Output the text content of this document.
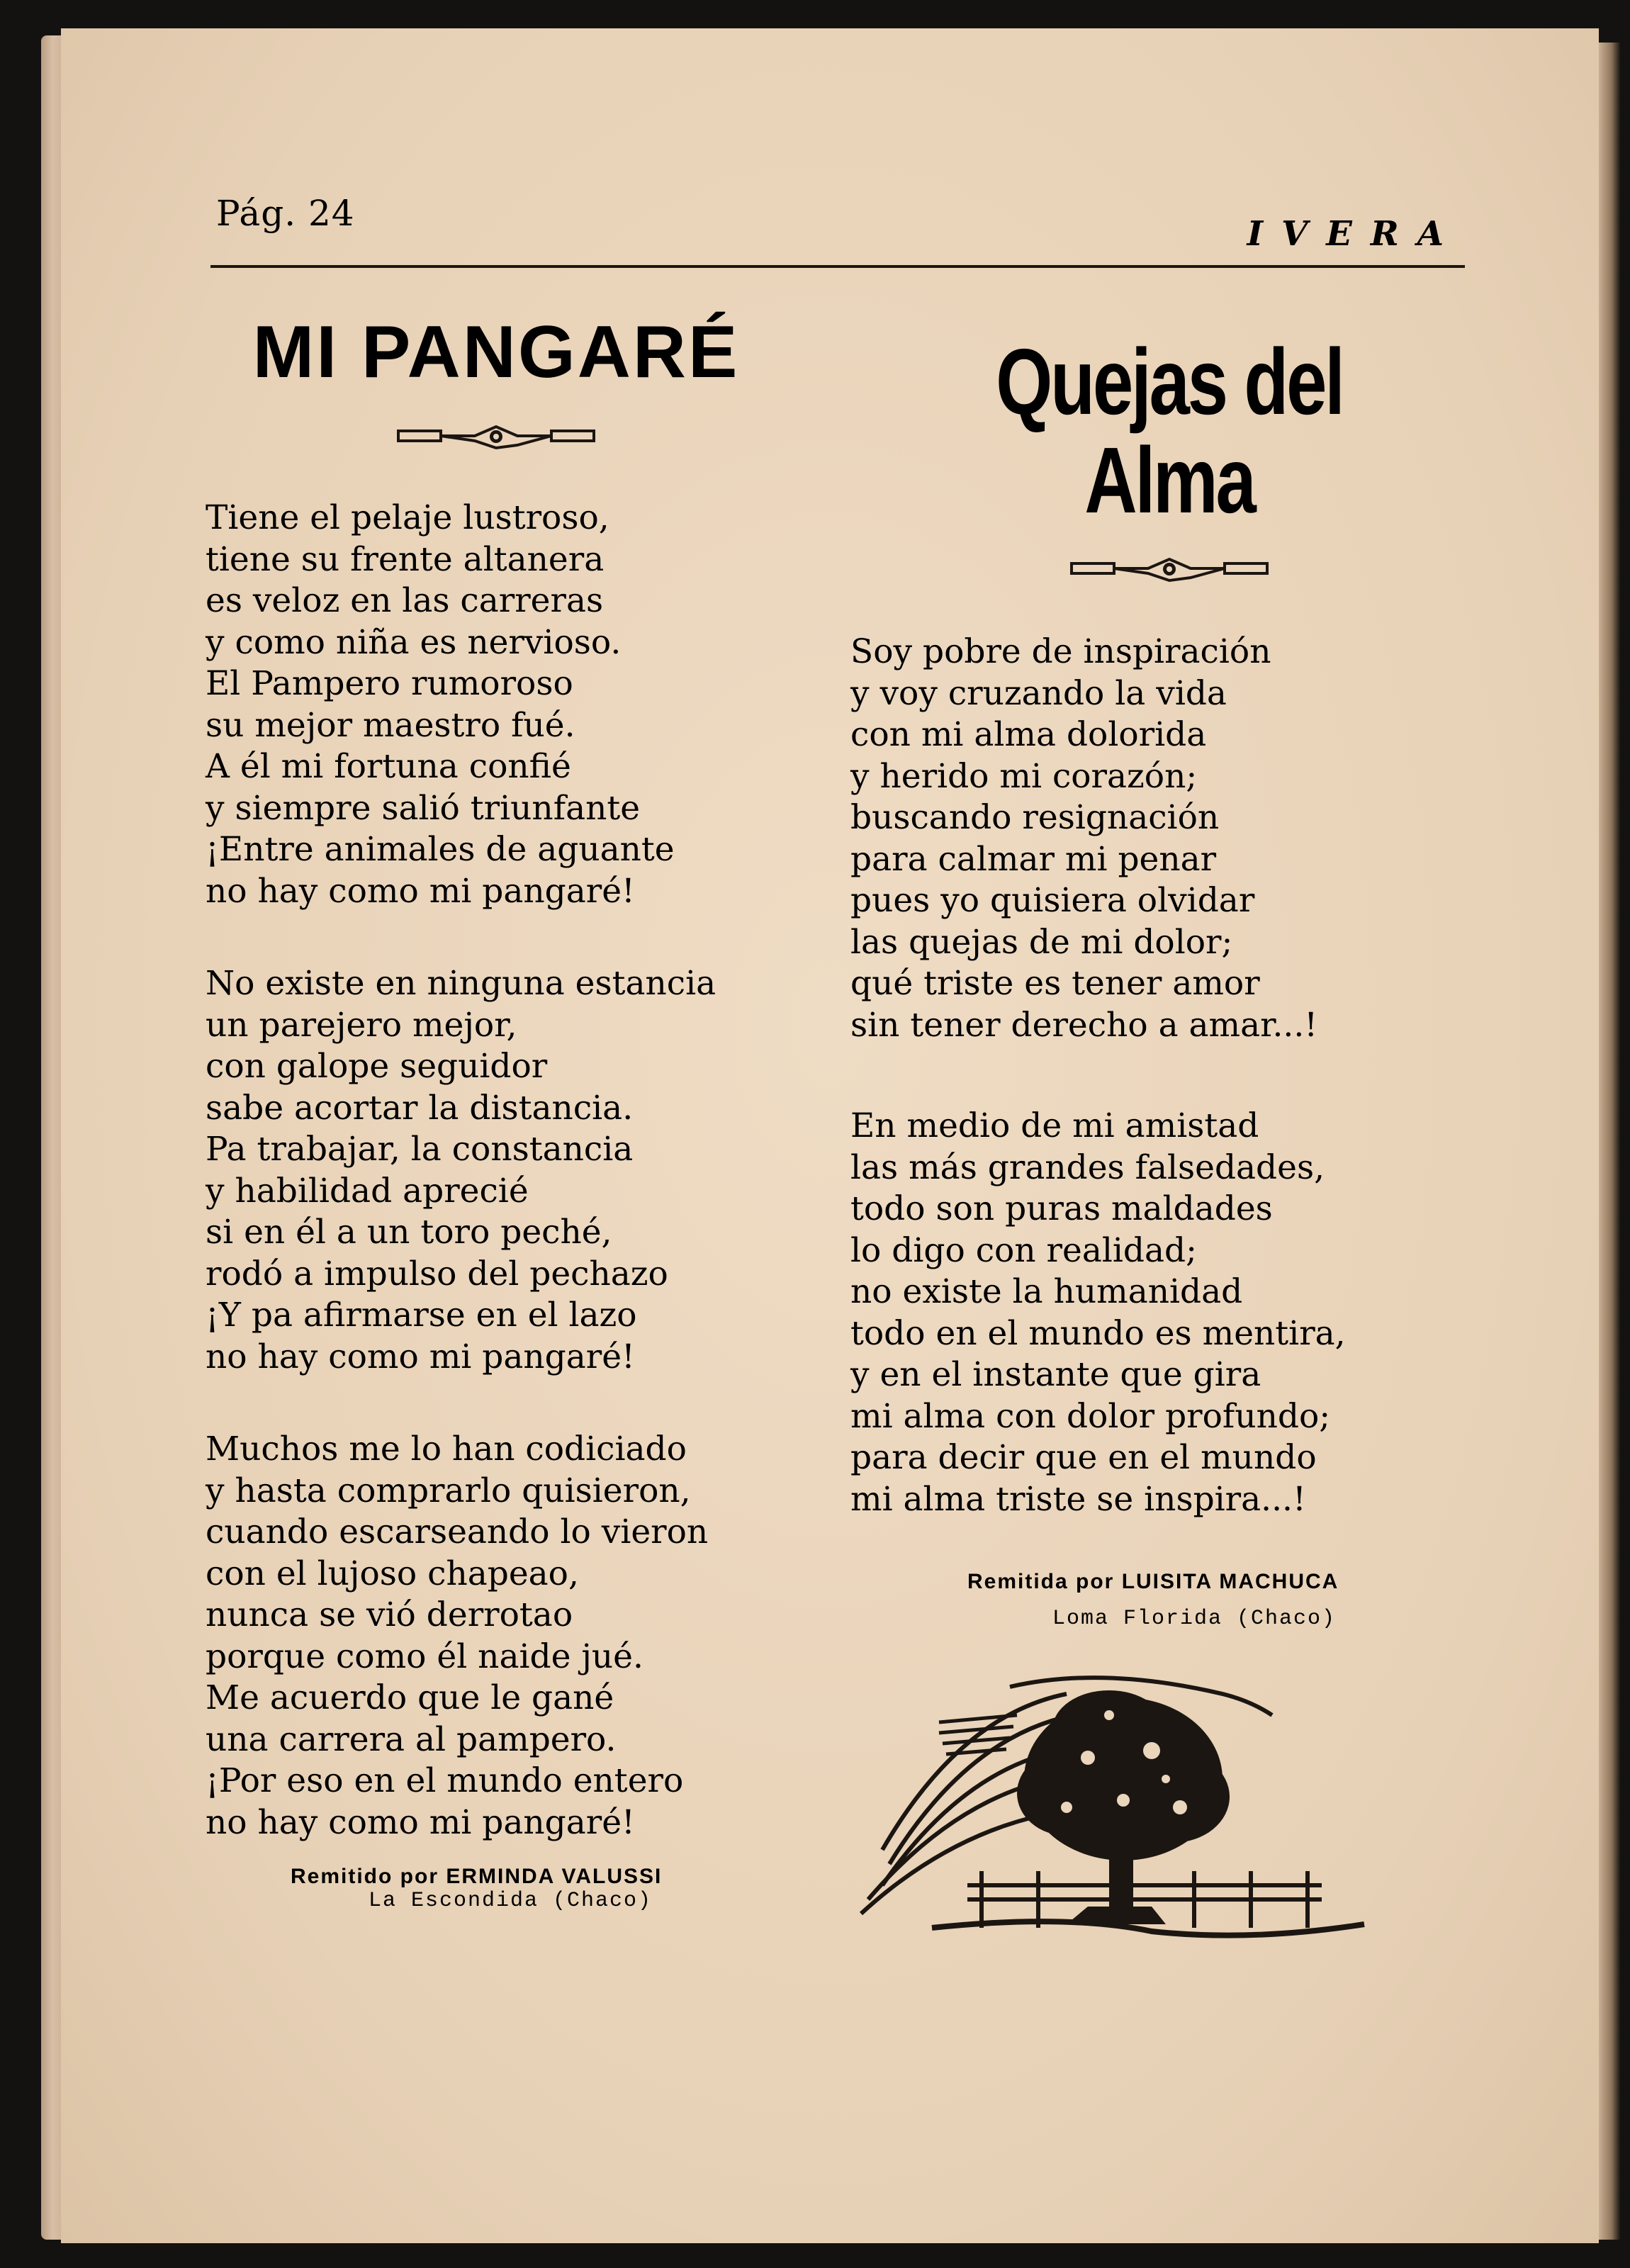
Pág. 24	IVERA
MI PANGARÉ
Tiene el pelaje lustroso,
tiene su frente altanera
es veloz en las carreras
y como niña es nervioso.
El Pampero rumoroso
su mejor maestro fué.
A él mi fortuna confié
y siempre salió triunfante
¡Entre animales de aguante
no hay como mi pangaré!
No existe en ninguna estancia
un parejero mejor,
con galope seguidor
sabe acortar la distancia.
Pa trabajar, la constancia
y habilidad aprecié
si en él a un toro peché,
rodó a impulso del pechazo
¡Y pa afirmarse en el lazo
no hay como mi pangaré!
Muchos me lo han codiciado
y hasta comprarlo quisieron,
cuando escarseando lo vieron
con el lujoso chapeao,
nunca se vió derrotao
porque como él naide jué.
Me acuerdo que le gané
una carrera al pampero.
¡Por eso en el mundo entero
no hay como mi pangaré!
Remitido por ERMINDA VALUSSI
La Escondida (Chaco)
Quejas del Alma
Soy pobre de inspiración
y voy cruzando la vida
con mi alma dolorida
y herido mi corazón;
buscando resignación
para calmar mi penar
pues yo quisiera olvidar
las quejas de mi dolor;
qué triste es tener amor
sin tener derecho a amar...!
En medio de mi amistad
las más grandes falsedades,
todo son puras maldades
lo digo con realidad;
no existe la humanidad
todo en el mundo es mentira,
y en el instante que gira
mi alma con dolor profundo;
para decir que en el mundo
mi alma triste se inspira...!
Remitida por LUISITA MACHUCA
Loma Florida (Chaco)
